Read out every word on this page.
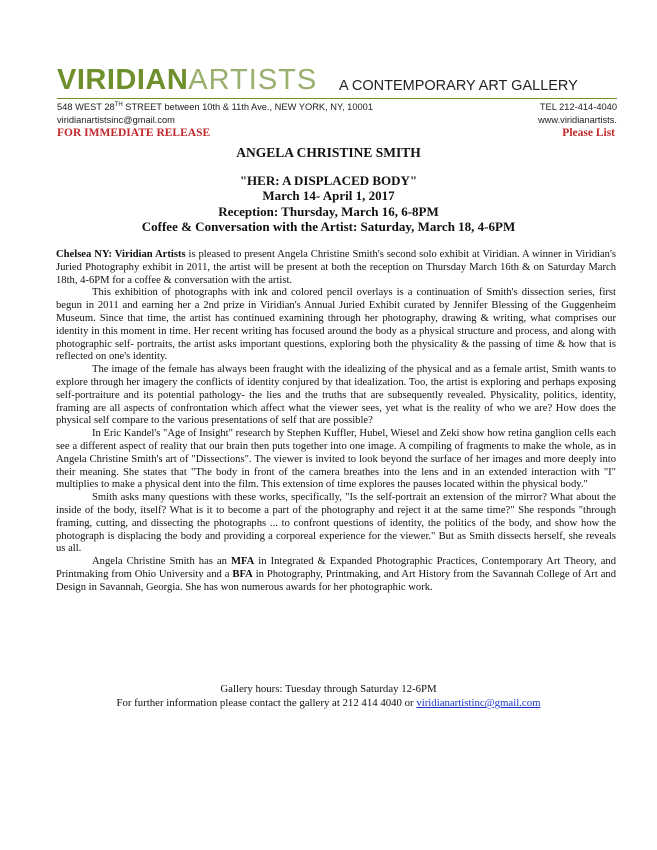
VIRIDIANARTISTS A CONTEMPORARY ART GALLERY
548 WEST 28TH STREET between 10th & 11th Ave., NEW YORK, NY, 10001	TEL 212-414-4040
viridianartistsinc@gmail.com	www.viridianartists.
FOR IMMEDIATE RELEASE	Please List
ANGELA CHRISTINE SMITH
"HER: A DISPLACED BODY"
March 14- April 1, 2017
Reception: Thursday, March 16, 6-8PM
Coffee & Conversation with the Artist: Saturday, March 18, 4-6PM

Chelsea NY: Viridian Artists is pleased to present Angela Christine Smith's second solo exhibit at Viridian. A winner in Viridian's Juried Photography exhibit in 2011, the artist will be present at both the reception on Thursday March 16th & on Saturday March 18th, 4-6PM for a coffee & conversation with the artist.

This exhibition of photographs with ink and colored pencil overlays is a continuation of Smith's dissection series, first begun in 2011 and earning her a 2nd prize in Viridian's Annual Juried Exhibit curated by Jennifer Blessing of the Guggenheim Museum. Since that time, the artist has continued examining through her photography, drawing & writing, what comprises our identity in this moment in time. Her recent writing has focused around the body as a physical structure and process, and along with photographic self- portraits, the artist asks important questions, exploring both the physicality & the passing of time & how that is reflected on one's identity.

The image of the female has always been fraught with the idealizing of the physical and as a female artist, Smith wants to explore through her imagery the conflicts of identity conjured by that idealization. Too, the artist is exploring and perhaps exposing self-portraiture and its potential pathology- the lies and the truths that are subsequently revealed. Physicality, politics, identity, framing are all aspects of confrontation which affect what the viewer sees, yet what is the reality of who we are? How does the physical self compare to the various presentations of self that are possible?

In Eric Kandel's "Age of Insight" research by Stephen Kuffler, Hubel, Wiesel and Zeki show how retina ganglion cells each see a different aspect of reality that our brain then puts together into one image. A compiling of fragments to make the whole, as in Angela Christine Smith's art of "Dissections". The viewer is invited to look beyond the surface of her images and more deeply into their meaning. She states that "The body in front of the camera breathes into the lens and in an extended interaction with "I" multiplies to make a physical dent into the film. This extension of time explores the pauses located within the physical body."

Smith asks many questions with these works, specifically, "Is the self-portrait an extension of the mirror? What about the inside of the body, itself? What is it to become a part of the photography and reject it at the same time?" She responds "through framing, cutting, and dissecting the photographs ... to confront questions of identity, the politics of the body, and show how the photograph is displacing the body and providing a corporeal experience for the viewer." But as Smith dissects herself, she reveals us all.

Angela Christine Smith has an MFA in Integrated & Expanded Photographic Practices, Contemporary Art Theory, and Printmaking from Ohio University and a BFA in Photography, Printmaking, and Art History from the Savannah College of Art and Design in Savannah, Georgia. She has won numerous awards for her photographic work.

Gallery hours: Tuesday through Saturday 12-6PM
For further information please contact the gallery at 212 414 4040 or viridianartistinc@gmail.com
